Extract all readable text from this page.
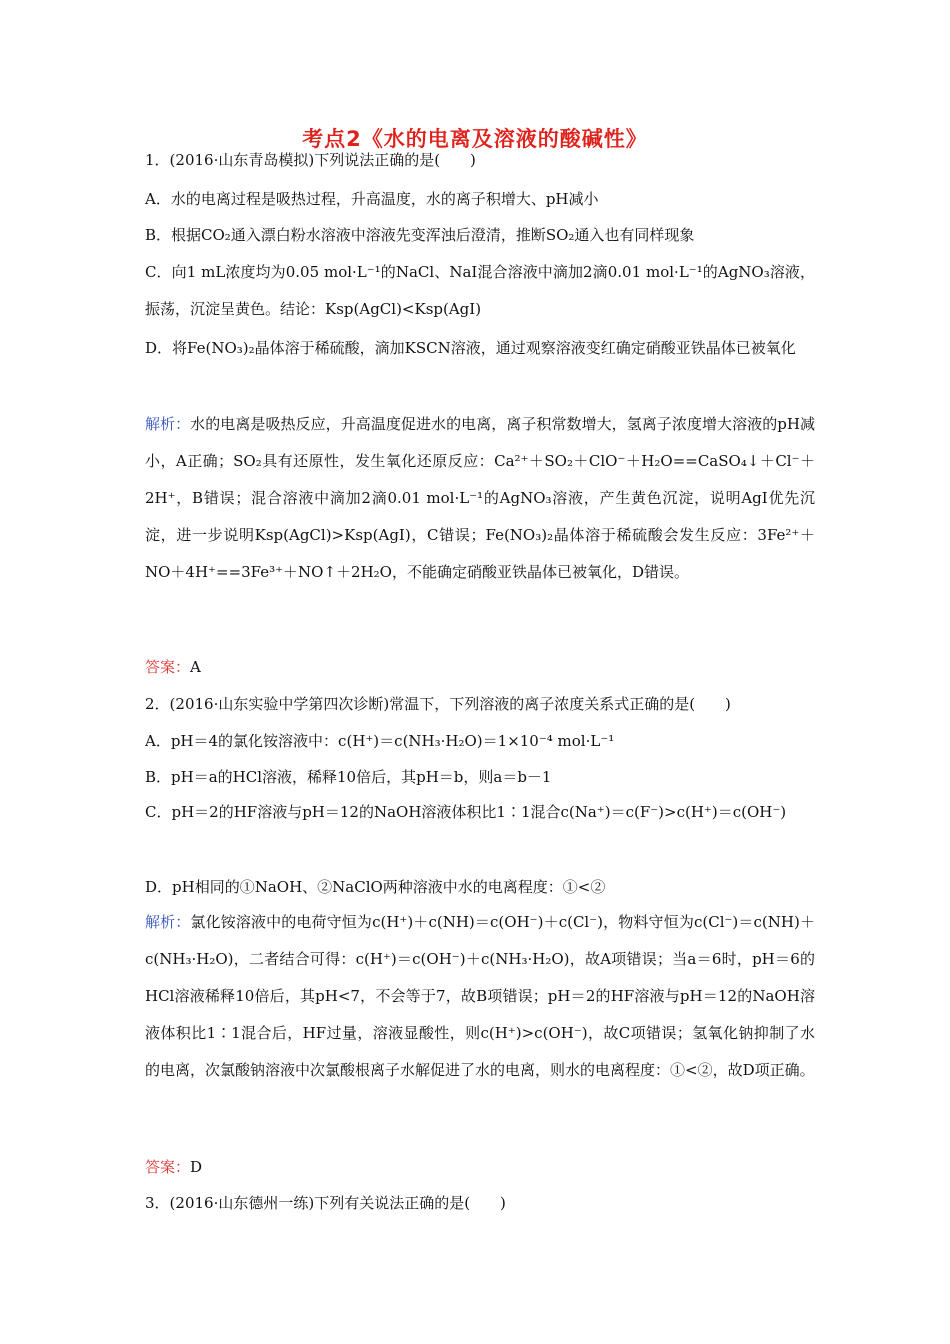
考点2《水的电离及溶液的酸碱性》
1．(2016·山东青岛模拟)下列说法正确的是(　　)
A．水的电离过程是吸热过程，升高温度，水的离子积增大、pH减小
B．根据CO₂通入漂白粉水溶液中溶液先变浑浊后澄清，推断SO₂通入也有同样现象
C．向1 mL浓度均为0.05 mol·L⁻¹的NaCl、NaI混合溶液中滴加2滴0.01 mol·L⁻¹的AgNO₃溶液，振荡，沉淀呈黄色。结论：Ksp(AgCl)<Ksp(AgI)
D．将Fe(NO₃)₂晶体溶于稀硫酸，滴加KSCN溶液，通过观察溶液变红确定硝酸亚铁晶体已被氧化
解析：水的电离是吸热反应，升高温度促进水的电离，离子积常数增大，氢离子浓度增大溶液的pH减小，A正确；SO₂具有还原性，发生氧化还原反应：Ca²⁺＋SO₂＋ClO⁻＋H₂O==CaSO₄↓＋Cl⁻＋2H⁺，B错误；混合溶液中滴加2滴0.01 mol·L⁻¹的AgNO₃溶液，产生黄色沉淀，说明AgI优先沉淀，进一步说明Ksp(AgCl)>Ksp(AgI)，C错误；Fe(NO₃)₂晶体溶于稀硫酸会发生反应：3Fe²⁺＋NO＋4H⁺==3Fe³⁺＋NO↑＋2H₂O，不能确定硝酸亚铁晶体已被氧化，D错误。
答案：A
2．(2016·山东实验中学第四次诊断)常温下，下列溶液的离子浓度关系式正确的是(　　)
A．pH＝4的氯化铵溶液中：c(H⁺)＝c(NH₃·H₂O)＝1×10⁻⁴ mol·L⁻¹
B．pH＝a的HCl溶液，稀释10倍后，其pH＝b，则a＝b－1
C．pH＝2的HF溶液与pH＝12的NaOH溶液体积比1∶1混合c(Na⁺)＝c(F⁻)>c(H⁺)＝c(OH⁻)
D．pH相同的①NaOH、②NaClO两种溶液中水的电离程度：①<②
解析：氯化铵溶液中的电荷守恒为c(H⁺)＋c(NH)＝c(OH⁻)＋c(Cl⁻)，物料守恒为c(Cl⁻)＝c(NH)＋c(NH₃·H₂O)，二者结合可得：c(H⁺)＝c(OH⁻)＋c(NH₃·H₂O)，故A项错误；当a＝6时，pH＝6的HCl溶液稀释10倍后，其pH<7，不会等于7，故B项错误；pH＝2的HF溶液与pH＝12的NaOH溶液体积比1∶1混合后，HF过量，溶液显酸性，则c(H⁺)>c(OH⁻)，故C项错误；氢氧化钠抑制了水的电离，次氯酸钠溶液中次氯酸根离子水解促进了水的电离，则水的电离程度：①<②，故D项正确。
答案：D
3．(2016·山东德州一练)下列有关说法正确的是(　　)
